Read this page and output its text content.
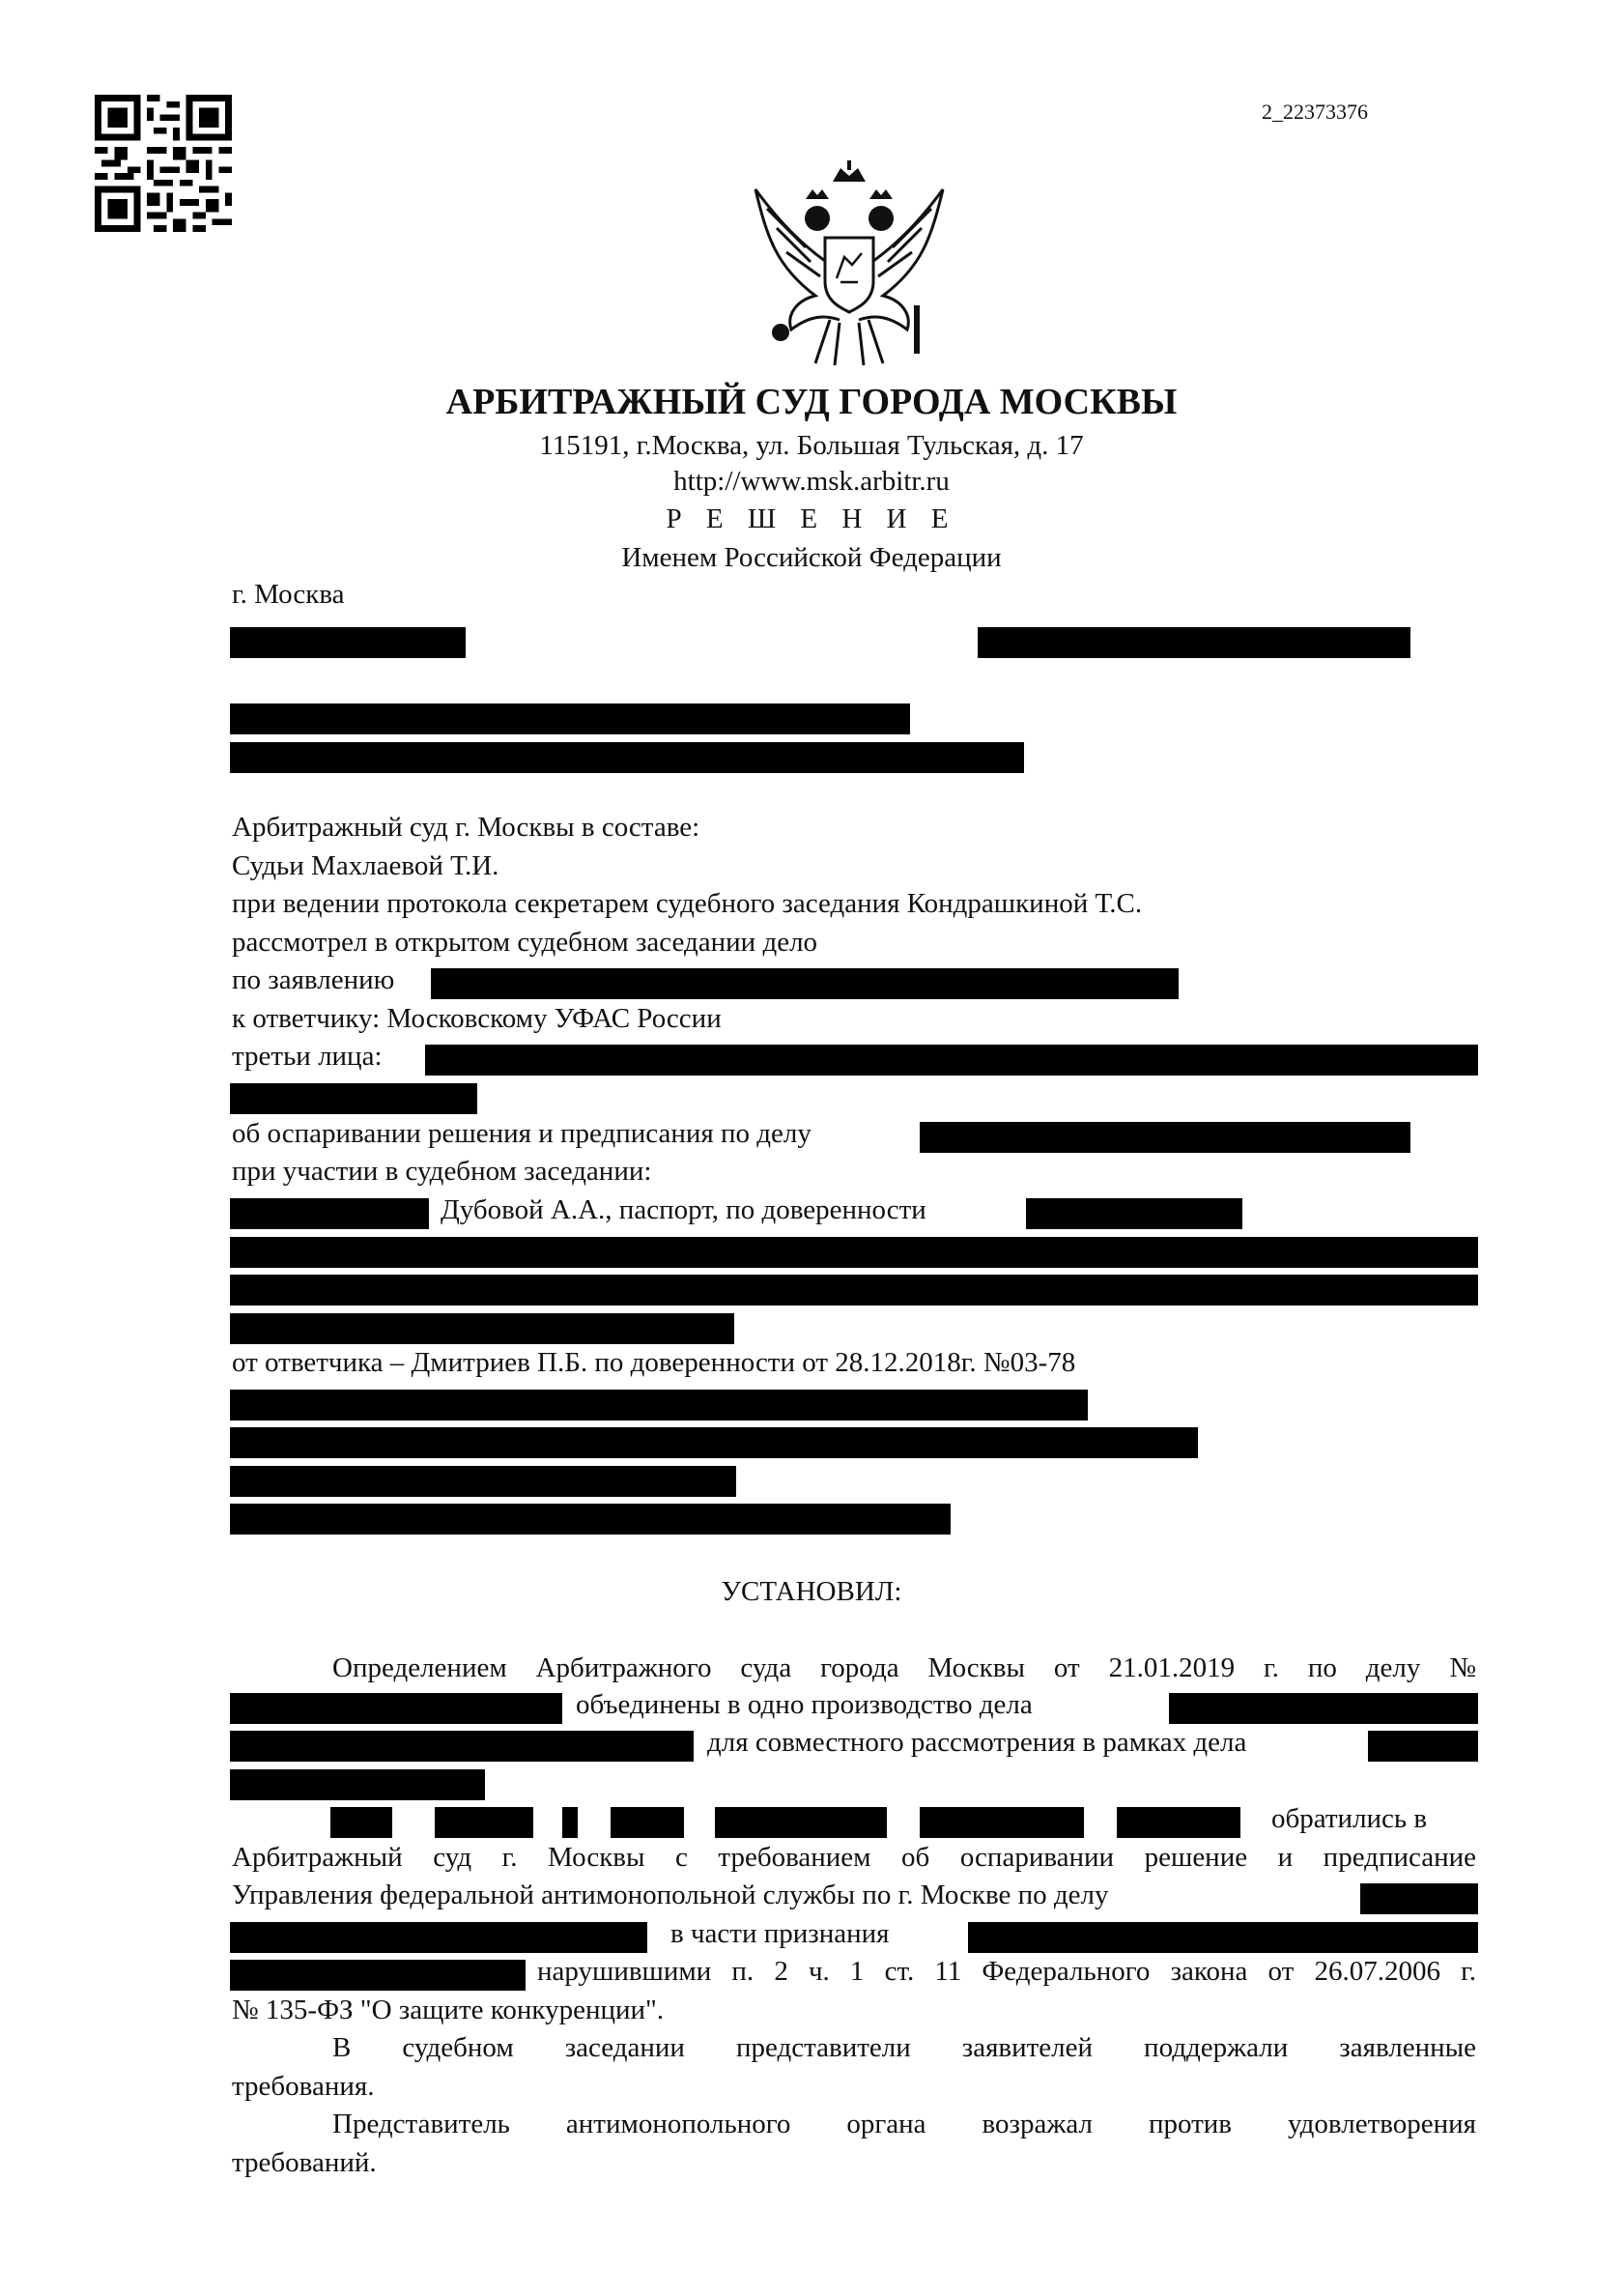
2_22373376
АРБИТРАЖНЫЙ СУД ГОРОДА МОСКВЫ
115191, г.Москва, ул. Большая Тульская, д. 17
http://www.msk.arbitr.ru
Р Е Ш Е Н И Е
Именем Российской Федерации
г. Москва
Арбитражный суд г. Москвы в составе:
Судьи Махлаевой Т.И.
при ведении протокола секретарем судебного заседания Кондрашкиной Т.С.
рассмотрел в открытом судебном заседании дело
по заявлению
к ответчику: Московскому УФАС России
третьи лица:
об оспаривании решения и предписания по делу
при участии в судебном заседании:
Дубовой А.А., паспорт, по доверенности
от ответчика – Дмитриев П.Б. по доверенности от 28.12.2018г. №03-78
УСТАНОВИЛ:
Определением Арбитражного суда города Москвы от 21.01.2019 г. по делу №
объединены в одно производство дела
для совместного рассмотрения в рамках дела
обратились в
Арбитражный суд г. Москвы с требованием об оспаривании решение и предписание
Управления федеральной антимонопольной службы по г. Москве по делу
в части признания
нарушившими п. 2 ч. 1 ст. 11 Федерального закона от 26.07.2006 г.
№ 135-ФЗ "О защите конкуренции".
В судебном заседании представители заявителей поддержали заявленные
требования.
Представитель антимонопольного органа возражал против удовлетворения
требований.
